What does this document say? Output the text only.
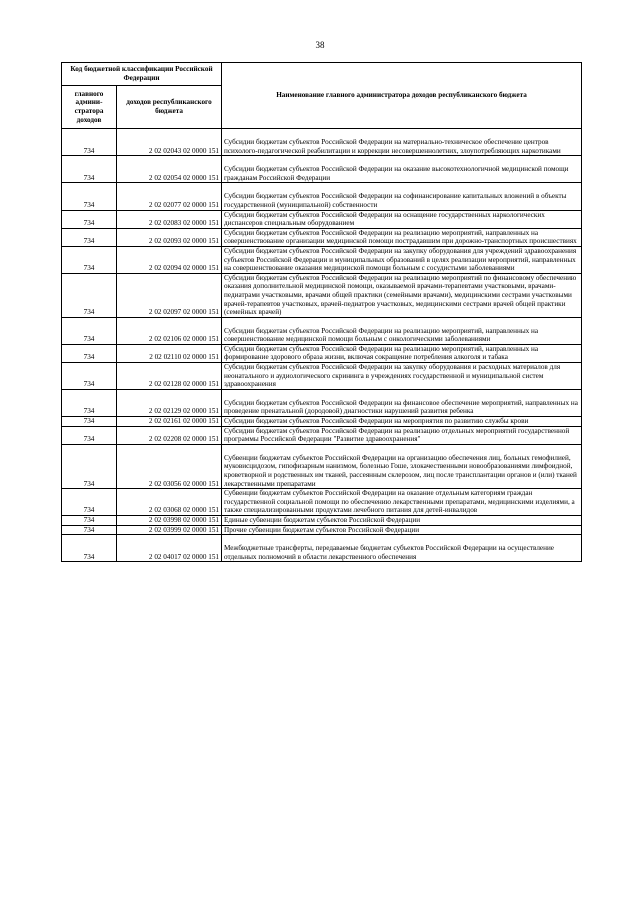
38
Код бюджетной классификации Российской Федерации		Наименование главного администратора доходов республиканского бюджета
главного админи-стратора доходов	доходов республиканского бюджета	
734	2 02 02043 02 0000 151	Субсидии бюджетам субъектов Российской Федерации на материально-техническое обеспечение центров психолого-педагогической реабилитации и коррекции несовершеннолетних, злоупотребляющих наркотиками
734	2 02 02054 02 0000 151	Субсидии бюджетам субъектов Российской Федерации на оказание высокотехнологичной медицинской помощи гражданам Российской Федерации
734	2 02 02077 02 0000 151	Субсидии бюджетам субъектов Российской Федерации на софинансирование капитальных вложений в объекты государственной (муниципальной) собственности
734	2 02 02083 02 0000 151	Субсидии бюджетам субъектов Российской Федерации на оснащение государственных наркологических диспансеров специальным оборудованием
734	2 02 02093 02 0000 151	Субсидии бюджетам субъектов Российской Федерации на реализацию мероприятий, направленных на совершенствование организации медицинской помощи пострадавшим при дорожно-транспортных происшествиях
734	2 02 02094 02 0000 151	Субсидии бюджетам субъектов Российской Федерации на закупку оборудования для учреждений здравоохранения субъектов Российской Федерации и муниципальных образований в целях реализации мероприятий, направленных на совершенствование оказания медицинской помощи больным с сосудистыми заболеваниями
734	2 02 02097 02 0000 151	Субсидии бюджетам субъектов Российской Федерации на реализацию мероприятий по финансовому обеспечению оказания дополнительной медицинской помощи, оказываемой врачами-терапевтами участковыми, врачами-педиатрами участковыми, врачами общей практики (семейными врачами), медицинскими сестрами участковыми врачей-терапевтов участковых, врачей-педиатров участковых, медицинскими сестрами врачей общей практики (семейных врачей)
734	2 02 02106 02 0000 151	Субсидии бюджетам субъектов Российской Федерации на реализацию мероприятий, направленных на совершенствование медицинской помощи больным с онкологическими заболеваниями
734	2 02 02110 02 0000 151	Субсидии бюджетам субъектов Российской Федерации на реализацию мероприятий, направленных на формирование здорового образа жизни, включая сокращение потребления алкоголя и табака
734	2 02 02128 02 0000 151	Субсидии бюджетам субъектов Российской Федерации на закупку оборудования и расходных материалов для неонатального и аудиологического скрининга в учреждениях государственной и муниципальной систем здравоохранения
734	2 02 02129 02 0000 151	Субсидии бюджетам субъектов Российской Федерации на финансовое обеспечение мероприятий, направленных на проведение пренатальной (дородовой) диагностики нарушений развития ребенка
734	2 02 02161 02 0000 151	Субсидии бюджетам субъектов Российской Федерации на мероприятия по развитию службы крови
734	2 02 02208 02 0000 151	Субсидии бюджетам субъектов Российской Федерации на реализацию отдельных мероприятий государственной программы Российской Федерации "Развитие здравоохранения"
734	2 02 03056 02 0000 151	Субвенции бюджетам субъектов Российской Федерации на организацию обеспечения лиц, больных гемофилией, муковисцидозом, гипофизарным нанизмом, болезнью Гоше, злокачественными новообразованиями лимфоидной, кроветворной и родственных им тканей, рассеянным склерозом, лиц после трансплантации органов и (или) тканей лекарственными препаратами
734	2 02 03068 02 0000 151	Субвенции бюджетам субъектов Российской Федерации на оказание отдельным категориям граждан государственной социальной помощи по обеспечению лекарственными препаратами, медицинскими изделиями, а также специализированными продуктами лечебного питания для детей-инвалидов
734	2 02 03998 02 0000 151	Единые субвенции бюджетам субъектов Российской Федерации
734	2 02 03999 02 0000 151	Прочие субвенции бюджетам субъектов Российской Федерации
734	2 02 04017 02 0000 151	Межбюджетные трансферты, передаваемые бюджетам субъектов Российской Федерации на осуществление отдельных полномочий в области лекарственного обеспечения
